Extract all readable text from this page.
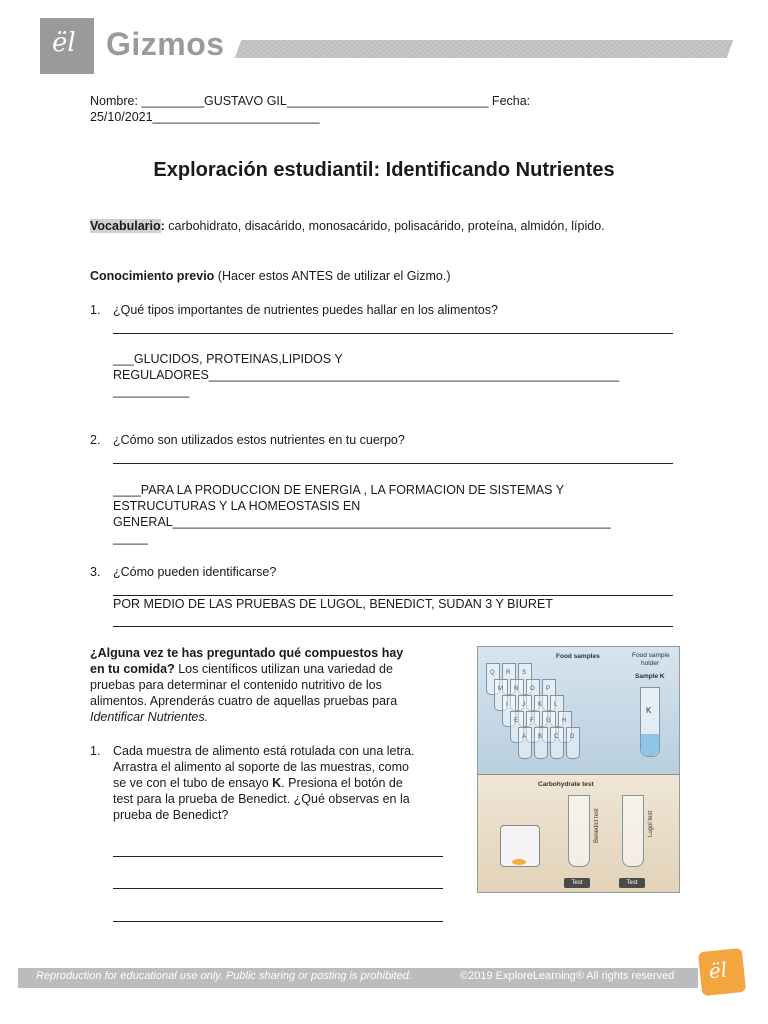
ël Gizmos
Nombre: _________GUSTAVO GIL_____________________________ Fecha:
25/10/2021________________________
Exploración estudiantil: Identificando Nutrientes
Vocabulario: carbohidrato, disacárido, monosacárido, polisacárido, proteína, almidón, lípido.
Conocimiento previo (Hacer estos ANTES de utilizar el Gizmo.)
1. ¿Qué tipos importantes de nutrientes puedes hallar en los alimentos?
___GLUCIDOS, PROTEINAS,LIPIDOS Y
REGULADORES___________________________________________________________
___________
2. ¿Cómo son utilizados estos nutrientes en tu cuerpo?
____PARA LA PRODUCCION DE ENERGIA , LA FORMACION DE SISTEMAS Y
ESTRUCUTURAS Y LA HOMEOSTASIS EN
GENERAL_______________________________________________________________
_____
3. ¿Cómo pueden identificarse?
POR MEDIO DE LAS PRUEBAS DE LUGOL, BENEDICT, SUDAN 3 Y BIURET
¿Alguna vez te has preguntado qué compuestos hay
en tu comida? Los científicos utilizan una variedad de
pruebas para determinar el contenido nutritivo de los
alimentos. Aprenderás cuatro de aquellas pruebas para
Identificar Nutrientes.
1. Cada muestra de alimento está rotulada con una letra.
Arrastra el alimento al soporte de las muestras, como
se ve con el tubo de ensayo K. Presiona el botón de
test para la prueba de Benedict. ¿Qué observas en la
prueba de Benedict?
Food samples	Food sample
holder
Sample K
Q R S
M N O P
I J K L
E F G H
A B C D
K
Carbohydrate test
Benedict test	Lugol test
Test	Test
Reproduction for educational use only. Public sharing or posting is prohibited.	©2019 ExploreLearning® All rights reserved ël
